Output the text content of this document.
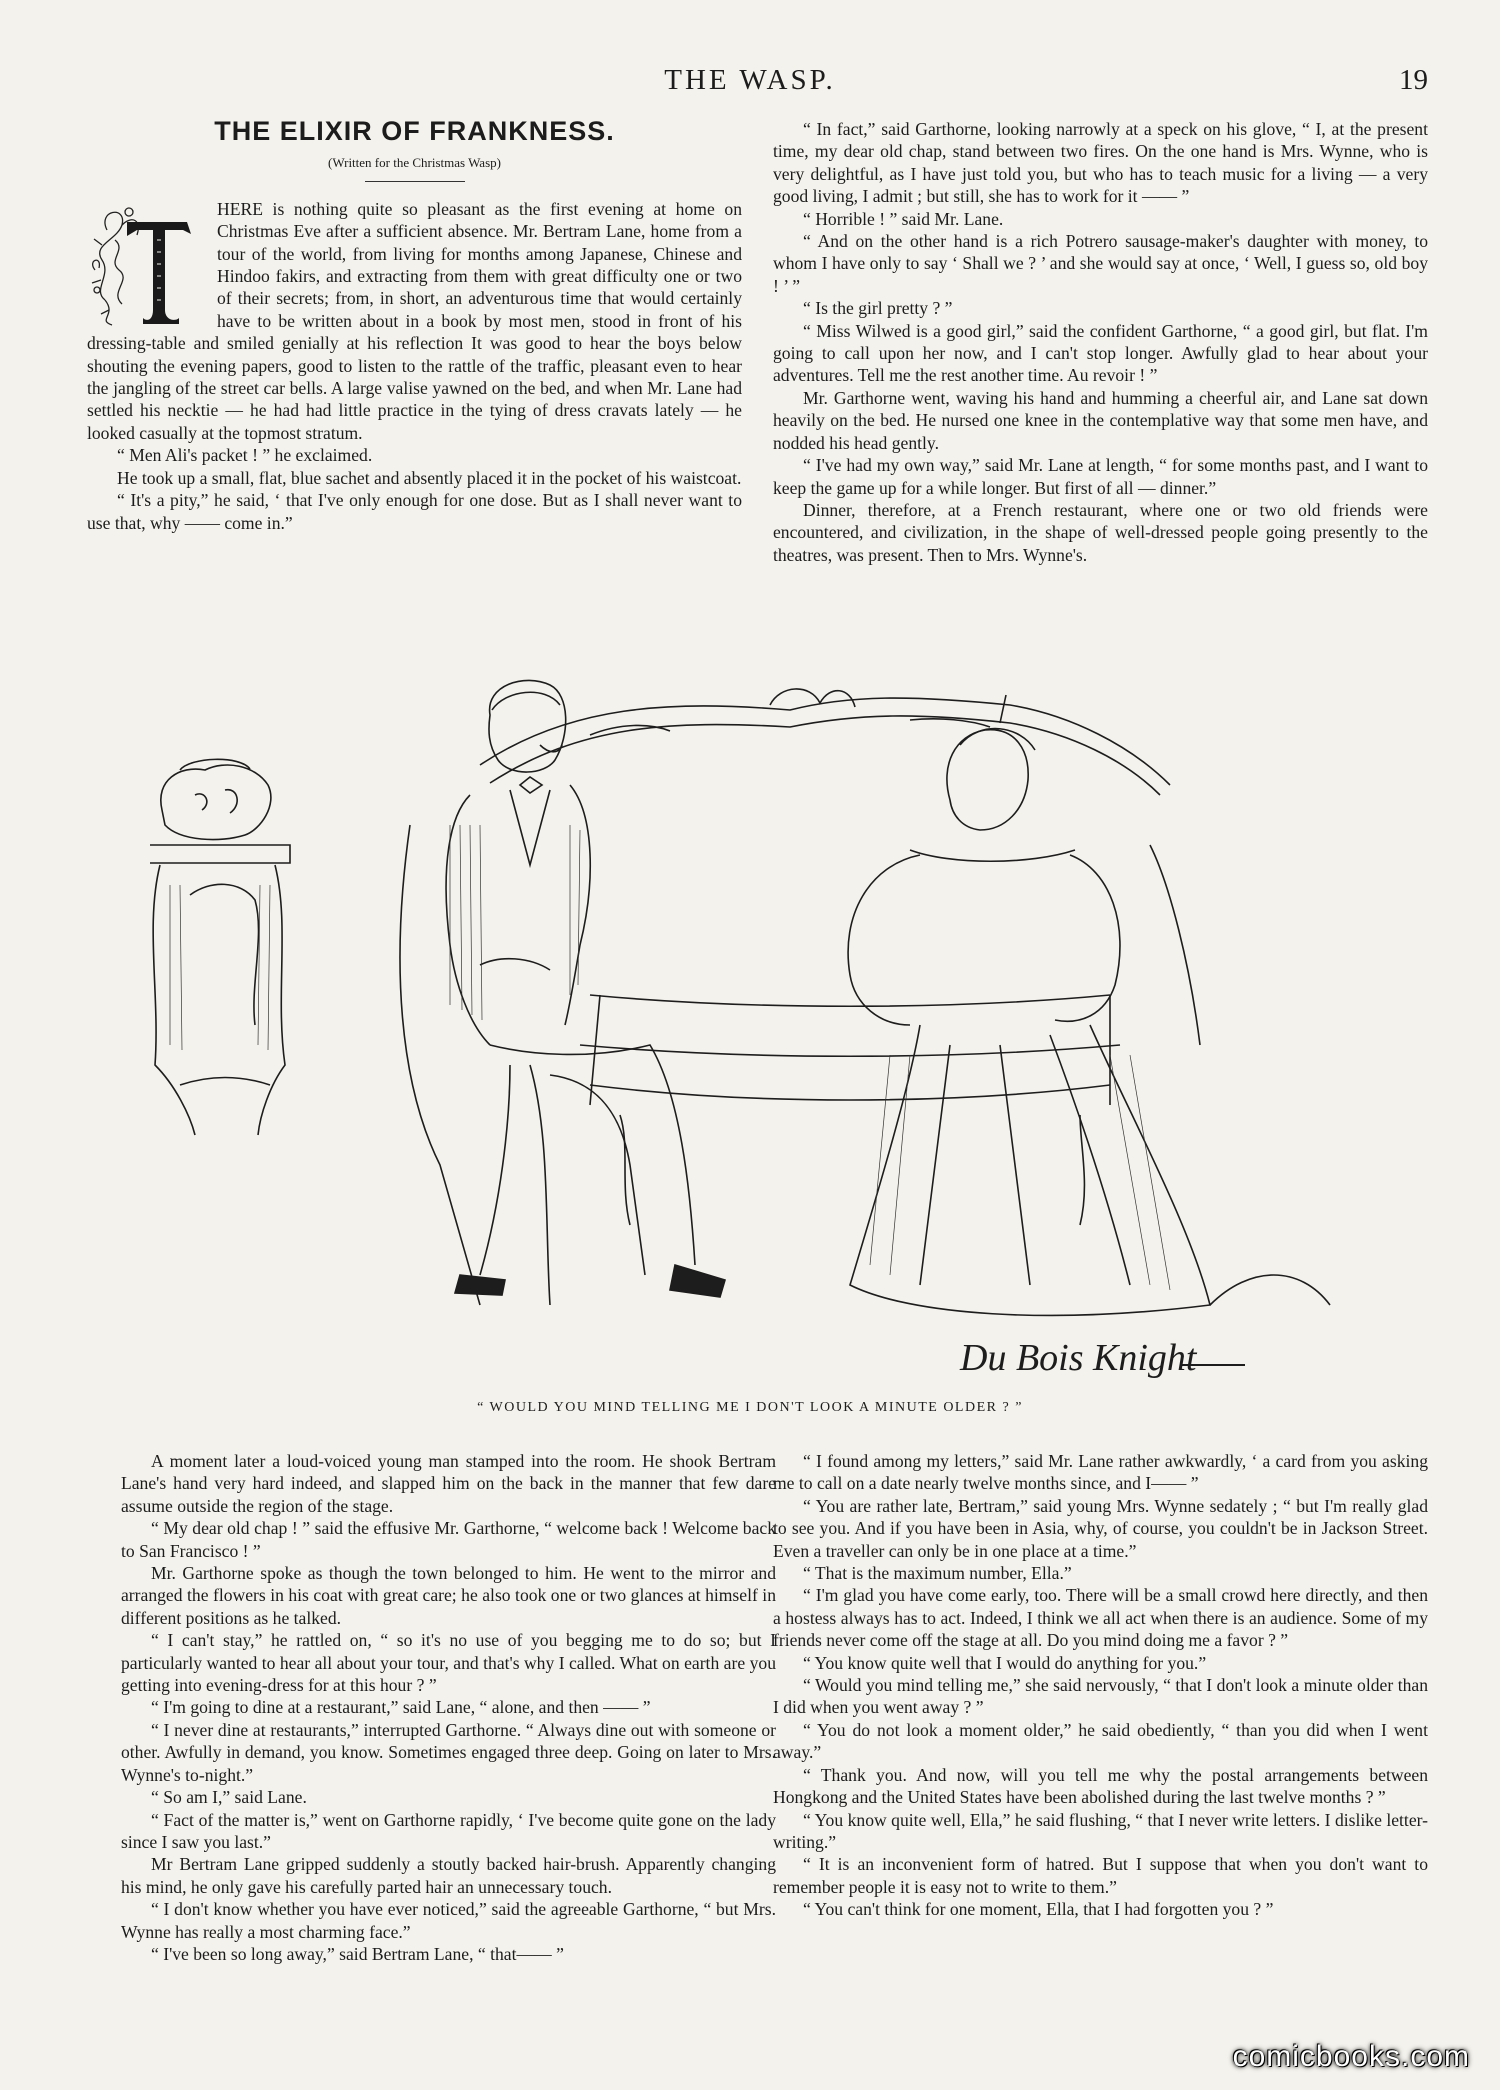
THE WASP.	19
THE ELIXIR OF FRANKNESS.
(Written for the Christmas Wasp)
T

HERE is nothing quite so pleasant as the first evening at home on Christmas Eve after a sufficient absence. Mr. Bertram Lane, home from a tour of the world, from living for months among Japanese, Chinese and Hindoo fakirs, and extracting from them with great difficulty one or two of their secrets; from, in short, an adventurous time that would certainly have to be written about in a book by most men, stood in front of his dressing-table and smiled genially at his reflection It was good to hear the boys below shouting the evening papers, good to listen to the rattle of the traffic, pleasant even to hear the jangling of the street car bells. A large valise yawned on the bed, and when Mr. Lane had settled his necktie — he had had little practice in the tying of dress cravats lately — he looked casually at the topmost stratum.

“ Men Ali's packet ! ” he exclaimed.

He took up a small, flat, blue sachet and absently placed it in the pocket of his waistcoat.

“ It's a pity,” he said, ‘ that I've only enough for one dose. But as I shall never want to use that, why —— come in.”

“ In fact,” said Garthorne, looking narrowly at a speck on his glove, “ I, at the present time, my dear old chap, stand between two fires. On the one hand is Mrs. Wynne, who is very delightful, as I have just told you, but who has to teach music for a living — a very good living, I admit ; but still, she has to work for it —— ”

“ Horrible ! ” said Mr. Lane.

“ And on the other hand is a rich Potrero sausage-maker's daughter with money, to whom I have only to say ‘ Shall we ? ’ and she would say at once, ‘ Well, I guess so, old boy ! ’ ”

“ Is the girl pretty ? ”

“ Miss Wilwed is a good girl,” said the confident Garthorne, “ a good girl, but flat. I'm going to call upon her now, and I can't stop longer. Awfully glad to hear about your adventures. Tell me the rest another time. Au revoir ! ”

Mr. Garthorne went, waving his hand and humming a cheerful air, and Lane sat down heavily on the bed. He nursed one knee in the contemplative way that some men have, and nodded his head gently.

“ I've had my own way,” said Mr. Lane at length, “ for some months past, and I want to keep the game up for a while longer. But first of all — dinner.”

Dinner, therefore, at a French restaurant, where one or two old friends were encountered, and civilization, in the shape of well-dressed people going presently to the theatres, was present. Then to Mrs. Wynne's.

Du Bois Knight
“ WOULD YOU MIND TELLING ME I DON'T LOOK A MINUTE OLDER ? ”

A moment later a loud-voiced young man stamped into the room. He shook Bertram Lane's hand very hard indeed, and slapped him on the back in the manner that few dare assume outside the region of the stage.

“ My dear old chap ! ” said the effusive Mr. Garthorne, “ welcome back ! Welcome back to San Francisco ! ”

Mr. Garthorne spoke as though the town belonged to him. He went to the mirror and arranged the flowers in his coat with great care; he also took one or two glances at himself in different positions as he talked.

“ I can't stay,” he rattled on, “ so it's no use of you begging me to do so; but I particularly wanted to hear all about your tour, and that's why I called. What on earth are you getting into evening-dress for at this hour ? ”

“ I'm going to dine at a restaurant,” said Lane, “ alone, and then —— ”

“ I never dine at restaurants,” interrupted Garthorne. “ Always dine out with someone or other. Awfully in demand, you know. Sometimes engaged three deep. Going on later to Mrs. Wynne's to-night.”

“ So am I,” said Lane.

“ Fact of the matter is,” went on Garthorne rapidly, ‘ I've become quite gone on the lady since I saw you last.”

Mr Bertram Lane gripped suddenly a stoutly backed hair-brush. Apparently changing his mind, he only gave his carefully parted hair an unnecessary touch.

“ I don't know whether you have ever noticed,” said the agreeable Garthorne, “ but Mrs. Wynne has really a most charming face.”

“ I've been so long away,” said Bertram Lane, “ that—— ”

“ I found among my letters,” said Mr. Lane rather awkwardly, ‘ a card from you asking me to call on a date nearly twelve months since, and I—— ”

“ You are rather late, Bertram,” said young Mrs. Wynne sedately ; “ but I'm really glad to see you. And if you have been in Asia, why, of course, you couldn't be in Jackson Street. Even a traveller can only be in one place at a time.”

“ That is the maximum number, Ella.”

“ I'm glad you have come early, too. There will be a small crowd here directly, and then a hostess always has to act. Indeed, I think we all act when there is an audience. Some of my friends never come off the stage at all. Do you mind doing me a favor ? ”

“ You know quite well that I would do anything for you.”

“ Would you mind telling me,” she said nervously, “ that I don't look a minute older than I did when you went away ? ”

“ You do not look a moment older,” he said obediently, “ than you did when I went away.”

“ Thank you. And now, will you tell me why the postal arrangements between Hongkong and the United States have been abolished during the last twelve months ? ”

“ You know quite well, Ella,” he said flushing, “ that I never write letters. I dislike letter-writing.”

“ It is an inconvenient form of hatred. But I suppose that when you don't want to remember people it is easy not to write to them.”

“ You can't think for one moment, Ella, that I had forgotten you ? ”

comicbooks.com
